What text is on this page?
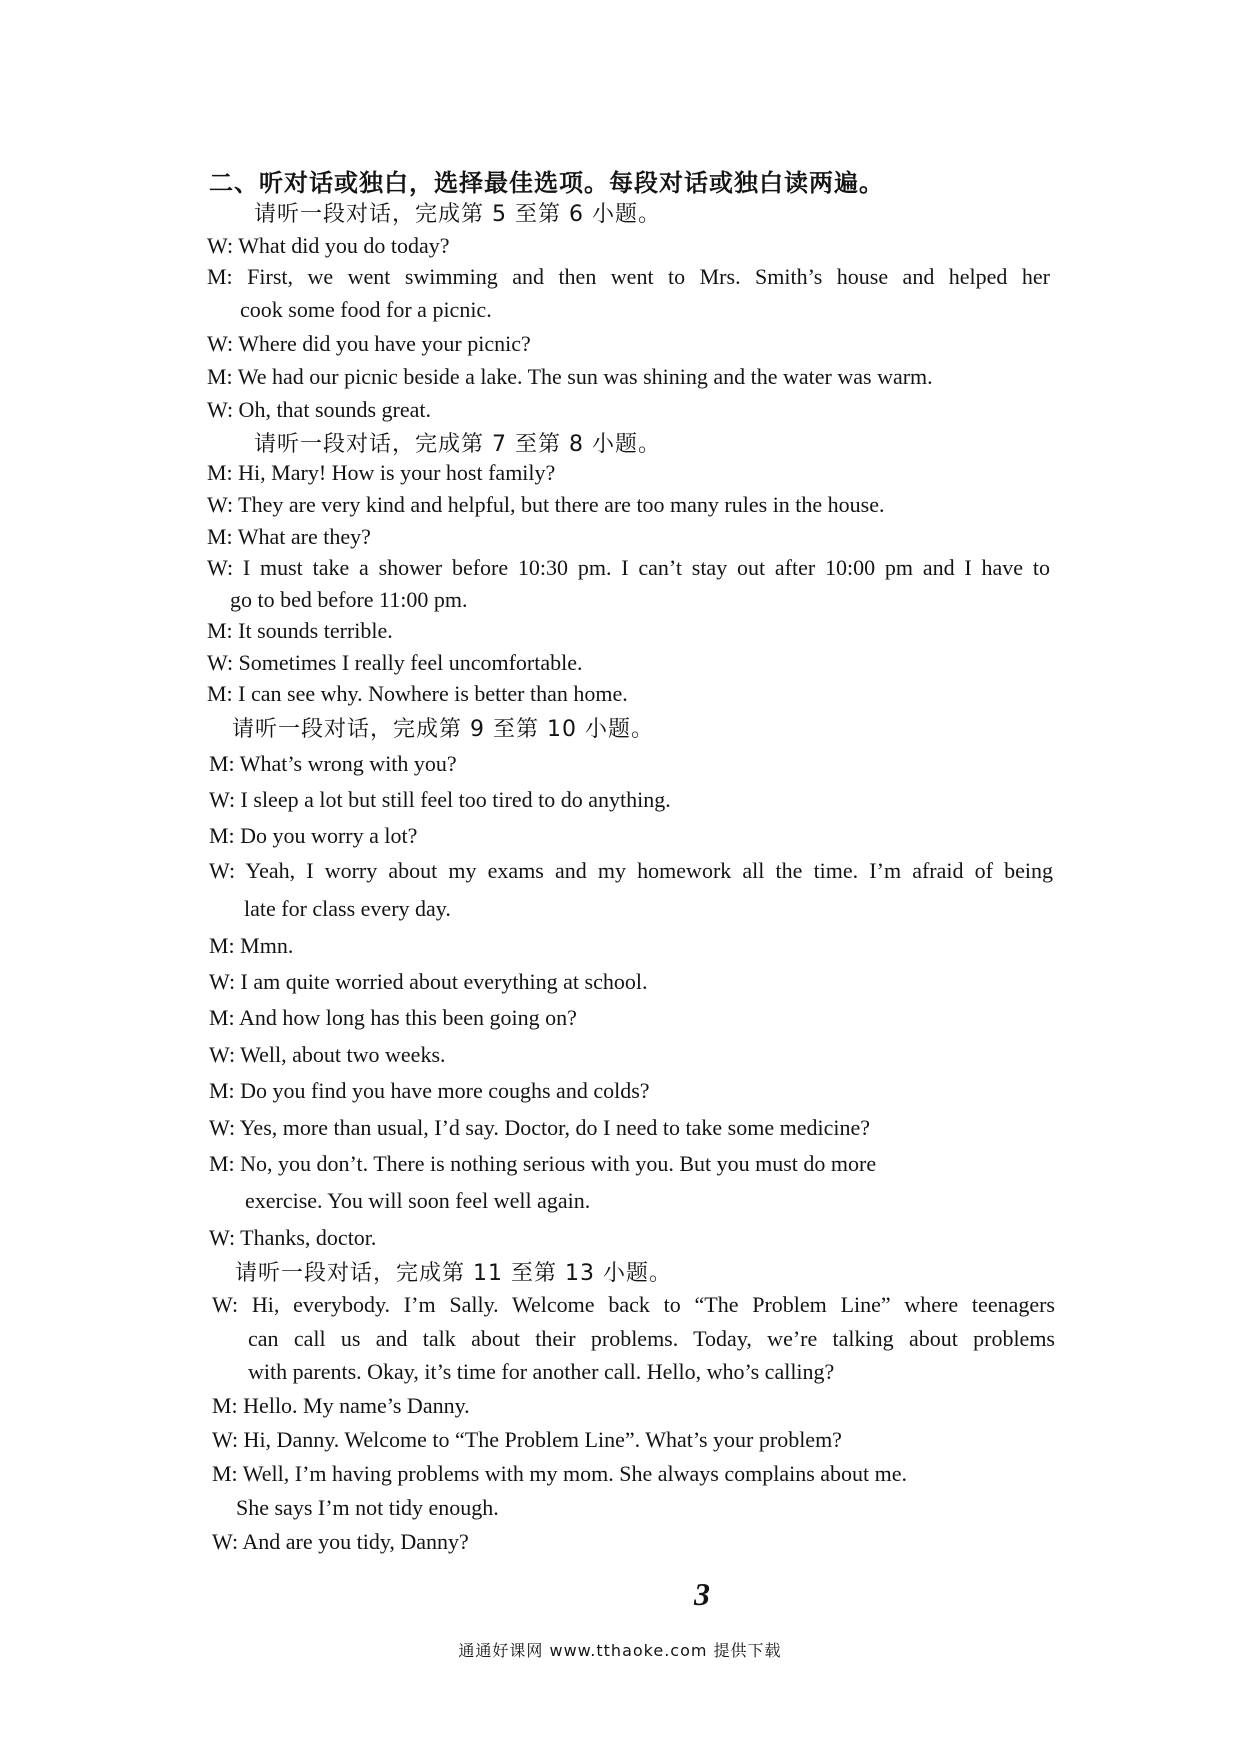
二、听对话或独白，选择最佳选项。每段对话或独白读两遍。
请听一段对话，完成第 5 至第 6 小题。
W: What did you do today?
M: First, we went swimming and then went to Mrs. Smith’s house and helped her
cook some food for a picnic.
W: Where did you have your picnic?
M: We had our picnic beside a lake. The sun was shining and the water was warm.
W: Oh, that sounds great.
请听一段对话，完成第 7 至第 8 小题。
M: Hi, Mary! How is your host family?
W: They are very kind and helpful, but there are too many rules in the house.
M: What are they?
W: I must take a shower before 10:30 pm. I can’t stay out after 10:00 pm and I have to
go to bed before 11:00 pm.
M: It sounds terrible.
W: Sometimes I really feel uncomfortable.
M: I can see why. Nowhere is better than home.
请听一段对话，完成第 9 至第 10 小题。
M: What’s wrong with you?
W: I sleep a lot but still feel too tired to do anything.
M: Do you worry a lot?
W: Yeah, I worry about my exams and my homework all the time. I’m afraid of being
late for class every day.
M: Mmn.
W: I am quite worried about everything at school.
M: And how long has this been going on?
W: Well, about two weeks.
M: Do you find you have more coughs and colds?
W: Yes, more than usual, I’d say. Doctor, do I need to take some medicine?
M: No, you don’t. There is nothing serious with you. But you must do more
exercise. You will soon feel well again.
W: Thanks, doctor.
请听一段对话，完成第 11 至第 13 小题。
W: Hi, everybody. I’m Sally. Welcome back to “The Problem Line” where teenagers
can call us and talk about their problems. Today, we’re talking about problems
with parents. Okay, it’s time for another call. Hello, who’s calling?
M: Hello. My name’s Danny.
W: Hi, Danny. Welcome to “The Problem Line”. What’s your problem?
M: Well, I’m having problems with my mom. She always complains about me.
She says I’m not tidy enough.
W: And are you tidy, Danny?
3
通通好课网 www.tthaoke.com 提供下载
